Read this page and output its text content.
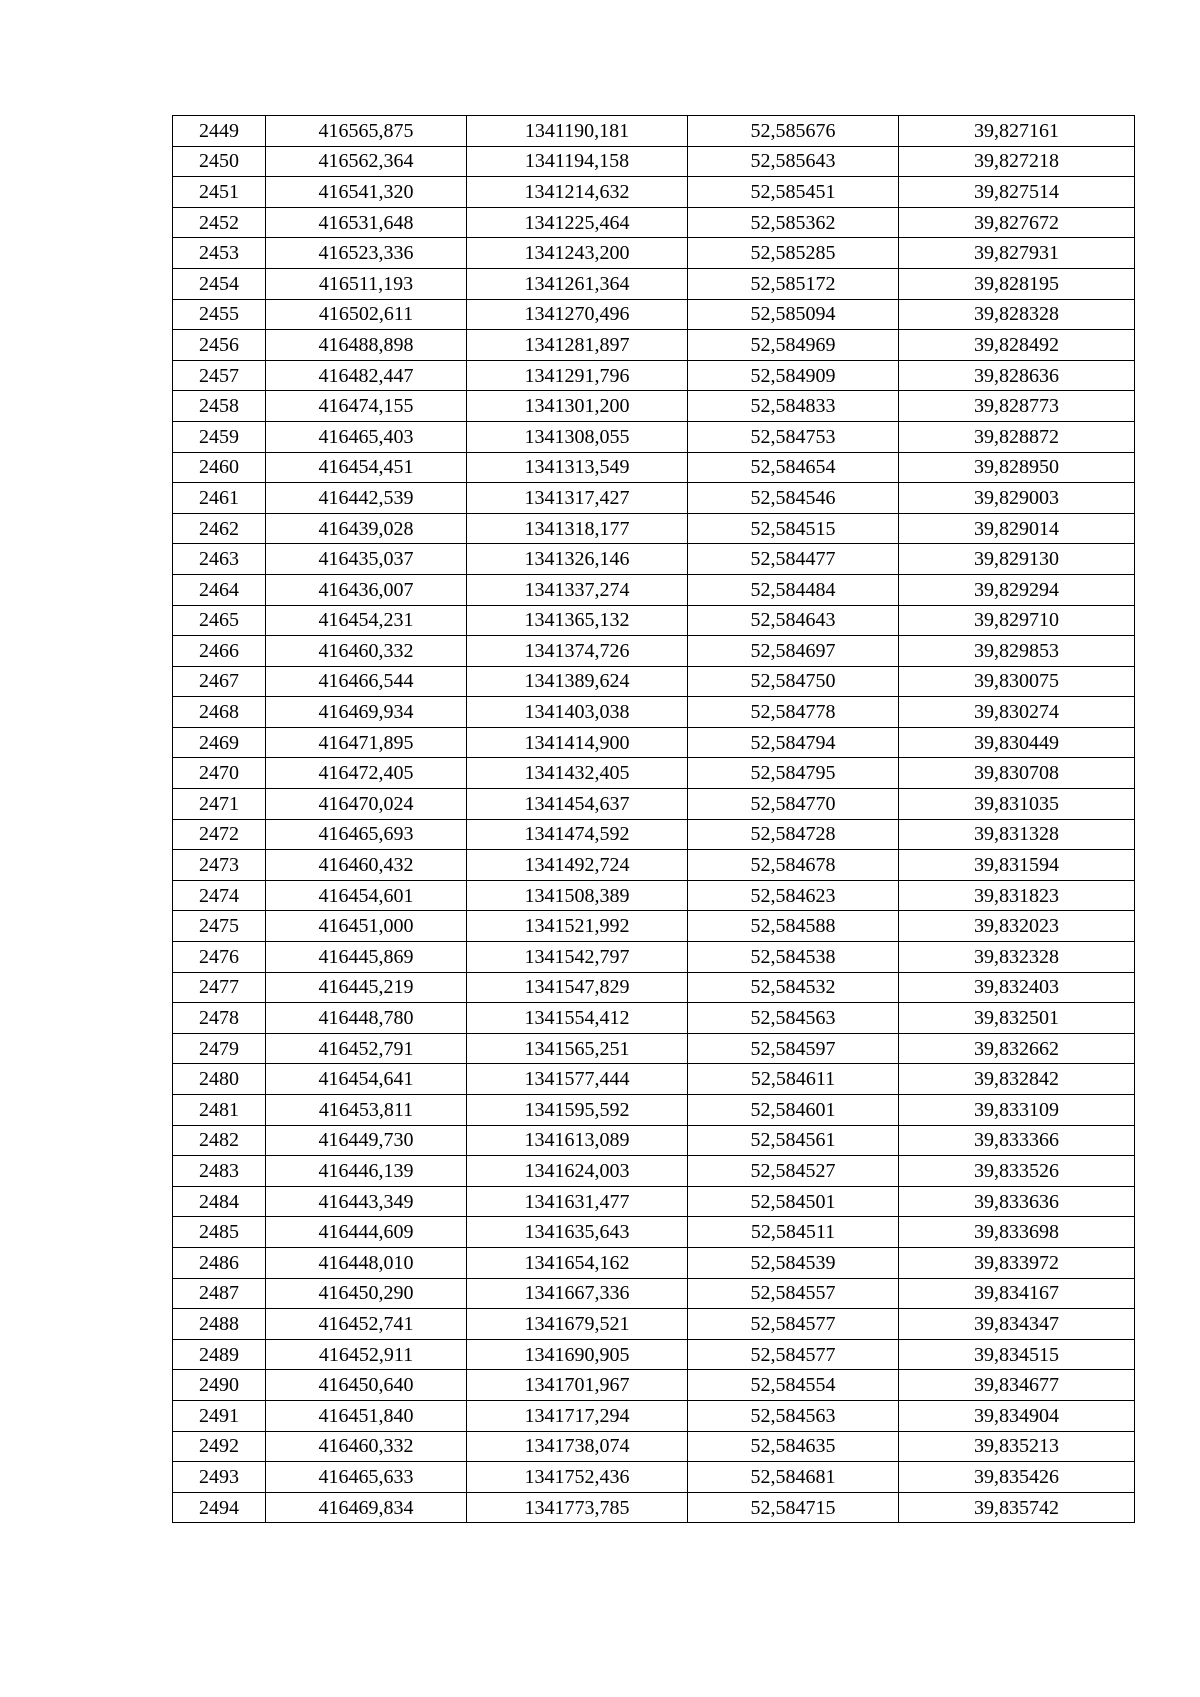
2449	416565,875	1341190,181	52,585676	39,827161
2450	416562,364	1341194,158	52,585643	39,827218
2451	416541,320	1341214,632	52,585451	39,827514
2452	416531,648	1341225,464	52,585362	39,827672
2453	416523,336	1341243,200	52,585285	39,827931
2454	416511,193	1341261,364	52,585172	39,828195
2455	416502,611	1341270,496	52,585094	39,828328
2456	416488,898	1341281,897	52,584969	39,828492
2457	416482,447	1341291,796	52,584909	39,828636
2458	416474,155	1341301,200	52,584833	39,828773
2459	416465,403	1341308,055	52,584753	39,828872
2460	416454,451	1341313,549	52,584654	39,828950
2461	416442,539	1341317,427	52,584546	39,829003
2462	416439,028	1341318,177	52,584515	39,829014
2463	416435,037	1341326,146	52,584477	39,829130
2464	416436,007	1341337,274	52,584484	39,829294
2465	416454,231	1341365,132	52,584643	39,829710
2466	416460,332	1341374,726	52,584697	39,829853
2467	416466,544	1341389,624	52,584750	39,830075
2468	416469,934	1341403,038	52,584778	39,830274
2469	416471,895	1341414,900	52,584794	39,830449
2470	416472,405	1341432,405	52,584795	39,830708
2471	416470,024	1341454,637	52,584770	39,831035
2472	416465,693	1341474,592	52,584728	39,831328
2473	416460,432	1341492,724	52,584678	39,831594
2474	416454,601	1341508,389	52,584623	39,831823
2475	416451,000	1341521,992	52,584588	39,832023
2476	416445,869	1341542,797	52,584538	39,832328
2477	416445,219	1341547,829	52,584532	39,832403
2478	416448,780	1341554,412	52,584563	39,832501
2479	416452,791	1341565,251	52,584597	39,832662
2480	416454,641	1341577,444	52,584611	39,832842
2481	416453,811	1341595,592	52,584601	39,833109
2482	416449,730	1341613,089	52,584561	39,833366
2483	416446,139	1341624,003	52,584527	39,833526
2484	416443,349	1341631,477	52,584501	39,833636
2485	416444,609	1341635,643	52,584511	39,833698
2486	416448,010	1341654,162	52,584539	39,833972
2487	416450,290	1341667,336	52,584557	39,834167
2488	416452,741	1341679,521	52,584577	39,834347
2489	416452,911	1341690,905	52,584577	39,834515
2490	416450,640	1341701,967	52,584554	39,834677
2491	416451,840	1341717,294	52,584563	39,834904
2492	416460,332	1341738,074	52,584635	39,835213
2493	416465,633	1341752,436	52,584681	39,835426
2494	416469,834	1341773,785	52,584715	39,835742
